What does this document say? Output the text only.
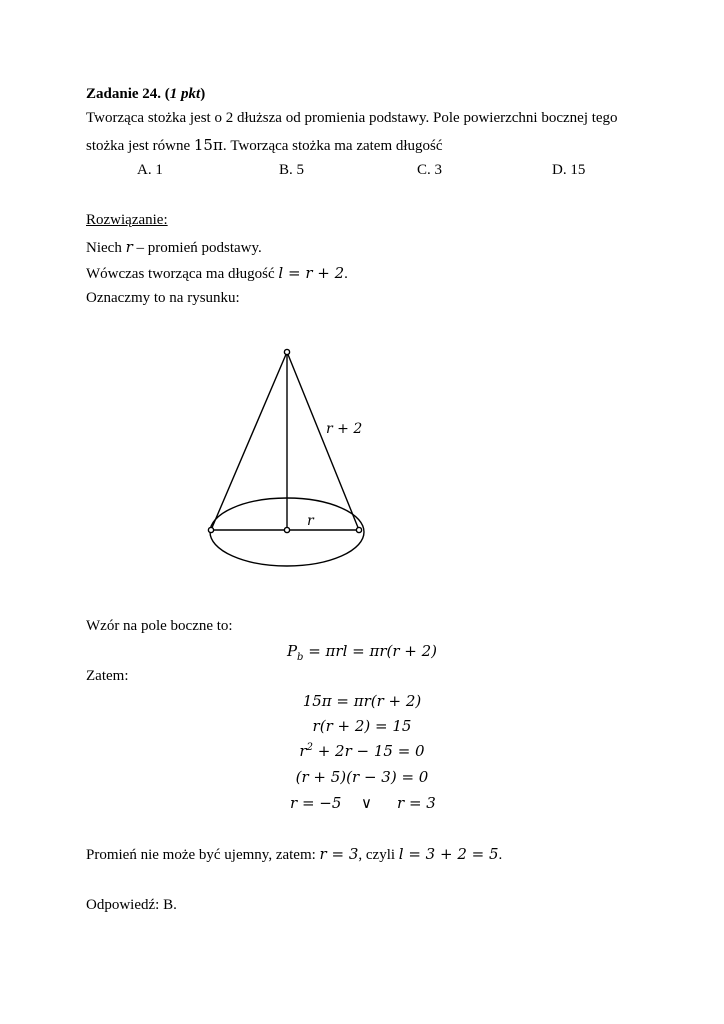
Zadanie 24. (1 pkt)
Tworząca stożka jest o 2 dłuższa od promienia podstawy. Pole powierzchni bocznej tego
stożka jest równe 15π. Tworząca stożka ma zatem długość
A. 1	B. 5	C. 3	D. 15
Rozwiązanie:
Niech r – promień podstawy.
Wówczas tworząca ma długość l = r + 2.
Oznaczmy to na rysunku:
r + 2
r
Wzór na pole boczne to:
$P_b = \pi rl = \pi r(r + 2)$
Zatem:
15π = πr(r + 2)
r(r + 2) = 15
$r^2 + 2r - 15 = 0$
(r + 5)(r − 3) = 0
r = −5 ∨ r = 3
Promień nie może być ujemny, zatem: r = 3, czyli l = 3 + 2 = 5.
Odpowiedź: B.
